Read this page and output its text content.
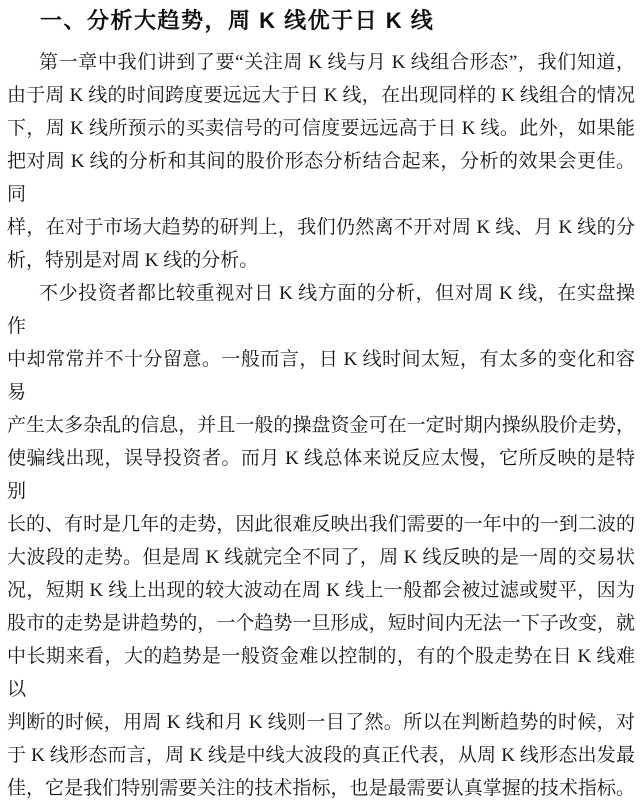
一、分析大趋势，周 K 线优于日 K 线

第一章中我们讲到了要“关注周 K 线与月 K 线组合形态”，我们知道，
由于周 K 线的时间跨度要远远大于日 K 线，在出现同样的 K 线组合的情况
下，周 K 线所预示的买卖信号的可信度要远远高于日 K 线。此外，如果能
把对周 K 线的分析和其间的股价形态分析结合起来，分析的效果会更佳。同
样，在对于市场大趋势的研判上，我们仍然离不开对周 K 线、月 K 线的分
析，特别是对周 K 线的分析。

不少投资者都比较重视对日 K 线方面的分析，但对周 K 线，在实盘操作
中却常常并不十分留意。一般而言，日 K 线时间太短，有太多的变化和容易
产生太多杂乱的信息，并且一般的操盘资金可在一定时期内操纵股价走势，
使骗线出现，误导投资者。而月 K 线总体来说反应太慢，它所反映的是特别
长的、有时是几年的走势，因此很难反映出我们需要的一年中的一到二波的
大波段的走势。但是周 K 线就完全不同了，周 K 线反映的是一周的交易状
况，短期 K 线上出现的较大波动在周 K 线上一般都会被过滤或熨平，因为
股市的走势是讲趋势的，一个趋势一旦形成，短时间内无法一下子改变，就
中长期来看，大的趋势是一般资金难以控制的，有的个股走势在日 K 线难以
判断的时候，用周 K 线和月 K 线则一目了然。所以在判断趋势的时候，对
于 K 线形态而言，周 K 线是中线大波段的真正代表，从周 K 线形态出发最
佳，它是我们特别需要关注的技术指标，也是最需要认真掌握的技术指标。
